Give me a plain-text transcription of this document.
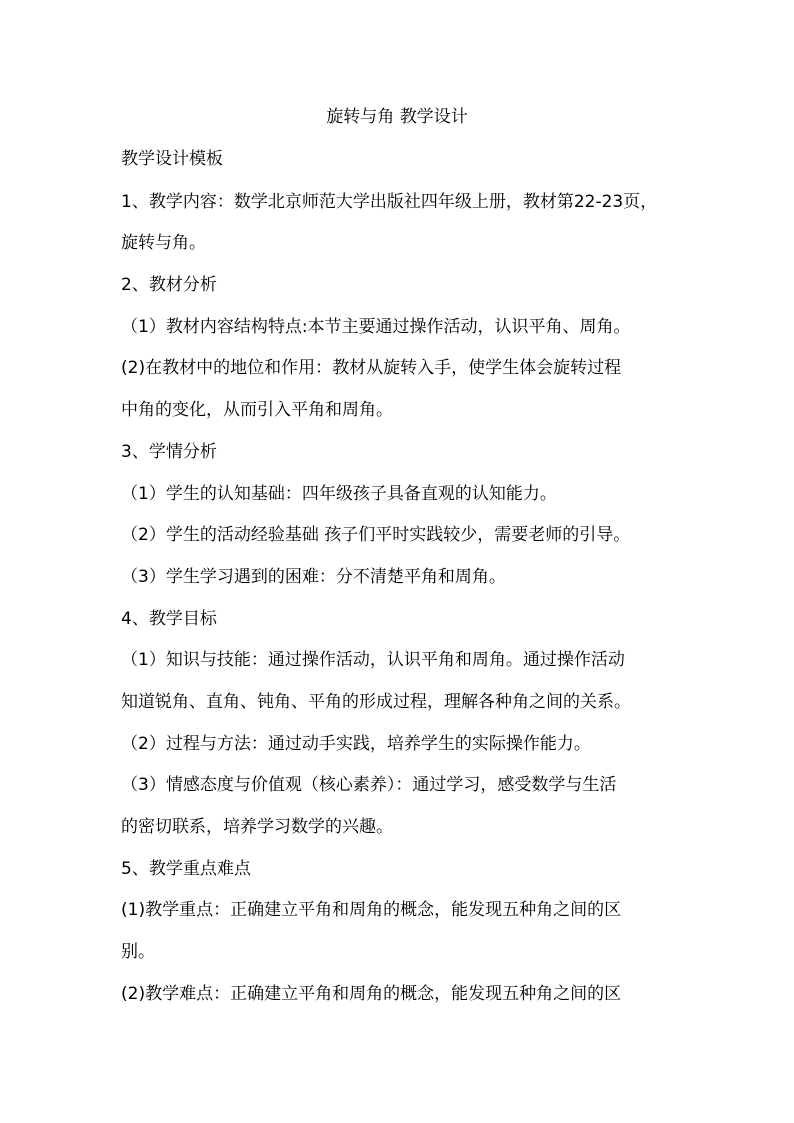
旋转与角 教学设计
教学设计模板
1、教学内容：数学北京师范大学出版社四年级上册，教材第22-23页，
旋转与角。
2、教材分析
（1）教材内容结构特点:本节主要通过操作活动，认识平角、周角。
(2)在教材中的地位和作用：教材从旋转入手，使学生体会旋转过程
中角的变化，从而引入平角和周角。
3、学情分析
（1）学生的认知基础：四年级孩子具备直观的认知能力。
（2）学生的活动经验基础 孩子们平时实践较少，需要老师的引导。
（3）学生学习遇到的困难：分不清楚平角和周角。
4、教学目标
（1）知识与技能：通过操作活动，认识平角和周角。通过操作活动
知道锐角、直角、钝角、平角的形成过程，理解各种角之间的关系。
（2）过程与方法：通过动手实践，培养学生的实际操作能力。
（3）情感态度与价值观（核心素养）：通过学习，感受数学与生活
的密切联系，培养学习数学的兴趣。
5、教学重点难点
(1)教学重点：正确建立平角和周角的概念，能发现五种角之间的区
别。
(2)教学难点：正确建立平角和周角的概念，能发现五种角之间的区
